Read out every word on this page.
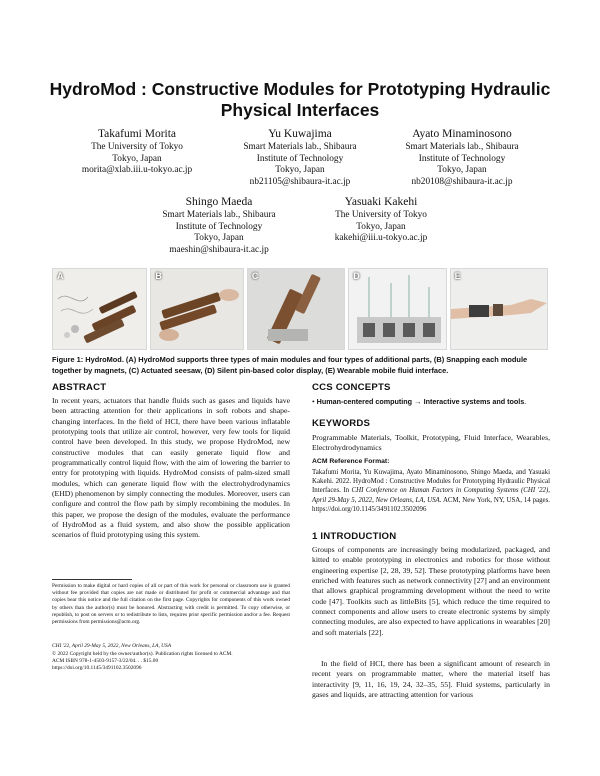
HydroMod : Constructive Modules for Prototyping Hydraulic Physical Interfaces
Takafumi Morita
The University of Tokyo
Tokyo, Japan
morita@xlab.iii.u-tokyo.ac.jp
Yu Kuwajima
Smart Materials lab., Shibaura
Institute of Technology
Tokyo, Japan
nb21105@shibaura-it.ac.jp
Ayato Minaminosono
Smart Materials lab., Shibaura
Institute of Technology
Tokyo, Japan
nb20108@shibaura-it.ac.jp
Shingo Maeda
Smart Materials lab., Shibaura
Institute of Technology
Tokyo, Japan
maeshin@shibaura-it.ac.jp
Yasuaki Kakehi
The University of Tokyo
Tokyo, Japan
kakehi@iii.u-tokyo.ac.jp
A	B	C	D	E
Figure 1: HydroMod. (A) HydroMod supports three types of main modules and four types of additional parts, (B) Snapping each module together by magnets, (C) Actuated seesaw, (D) Silent pin-based color display, (E) Wearable mobile fluid interface.
ABSTRACT
In recent years, actuators that handle fluids such as gases and liquids have been attracting attention for their applications in soft robots and shape-changing interfaces. In the field of HCI, there have been various inflatable prototyping tools that utilize air control, however, very few tools for liquid control have been developed. In this study, we propose HydroMod, new constructive modules that can easily generate liquid flow and programmatically control liquid flow, with the aim of lowering the barrier to entry for prototyping with liquids. HydroMod consists of palm-sized small modules, which can generate liquid flow with the electrohydrodynamics (EHD) phenomenon by simply connecting the modules. Moreover, users can configure and control the flow path by simply recombining the modules. In this paper, we propose the design of the modules, evaluate the performance of HydroMod as a fluid system, and also show the possible application scenarios of fluid prototyping using this system.
Permission to make digital or hard copies of all or part of this work for personal or classroom use is granted without fee provided that copies are not made or distributed for profit or commercial advantage and that copies bear this notice and the full citation on the first page. Copyrights for components of this work owned by others than the author(s) must be honored. Abstracting with credit is permitted. To copy otherwise, or republish, to post on servers or to redistribute to lists, requires prior specific permission and/or a fee. Request permissions from permissions@acm.org.
CHI '22, April 29-May 5, 2022, New Orleans, LA, USA
© 2022 Copyright held by the owner/author(s). Publication rights licensed to ACM.
ACM ISBN 978-1-4503-9157-3/22/04. . . $15.00
https://doi.org/10.1145/3491102.3502096
CCS CONCEPTS
• Human-centered computing → Interactive systems and tools.
KEYWORDS
Programmable Materials, Toolkit, Prototyping, Fluid Interface, Wearables, Electrohydrodynamics
ACM Reference Format:
Takafumi Morita, Yu Kuwajima, Ayato Minaminosono, Shingo Maeda, and Yasuaki Kakehi. 2022. HydroMod : Constructive Modules for Prototyping Hydraulic Physical Interfaces. In CHI Conference on Human Factors in Computing Systems (CHI '22), April 29-May 5, 2022, New Orleans, LA, USA. ACM, New York, NY, USA, 14 pages. https://doi.org/10.1145/3491102.3502096
1 INTRODUCTION
Groups of components are increasingly being modularized, packaged, and kitted to enable prototyping in electronics and robotics for those without engineering expertise [2, 28, 39, 52]. These prototyping platforms have been enriched with features such as network connectivity [27] and an environment that allows graphical programming development without the need to write code [47]. Toolkits such as littleBits [5], which reduce the time required to connect components and allow users to create electronic systems by simply connecting modules, are also expected to have applications in wearables [20] and soft materials [22].
In the field of HCI, there has been a significant amount of research in recent years on programmable matter, where the material itself has interactivity [9, 11, 16, 19, 24, 32–35, 55]. Fluid systems, particularly in gases and liquids, are attracting attention for various
